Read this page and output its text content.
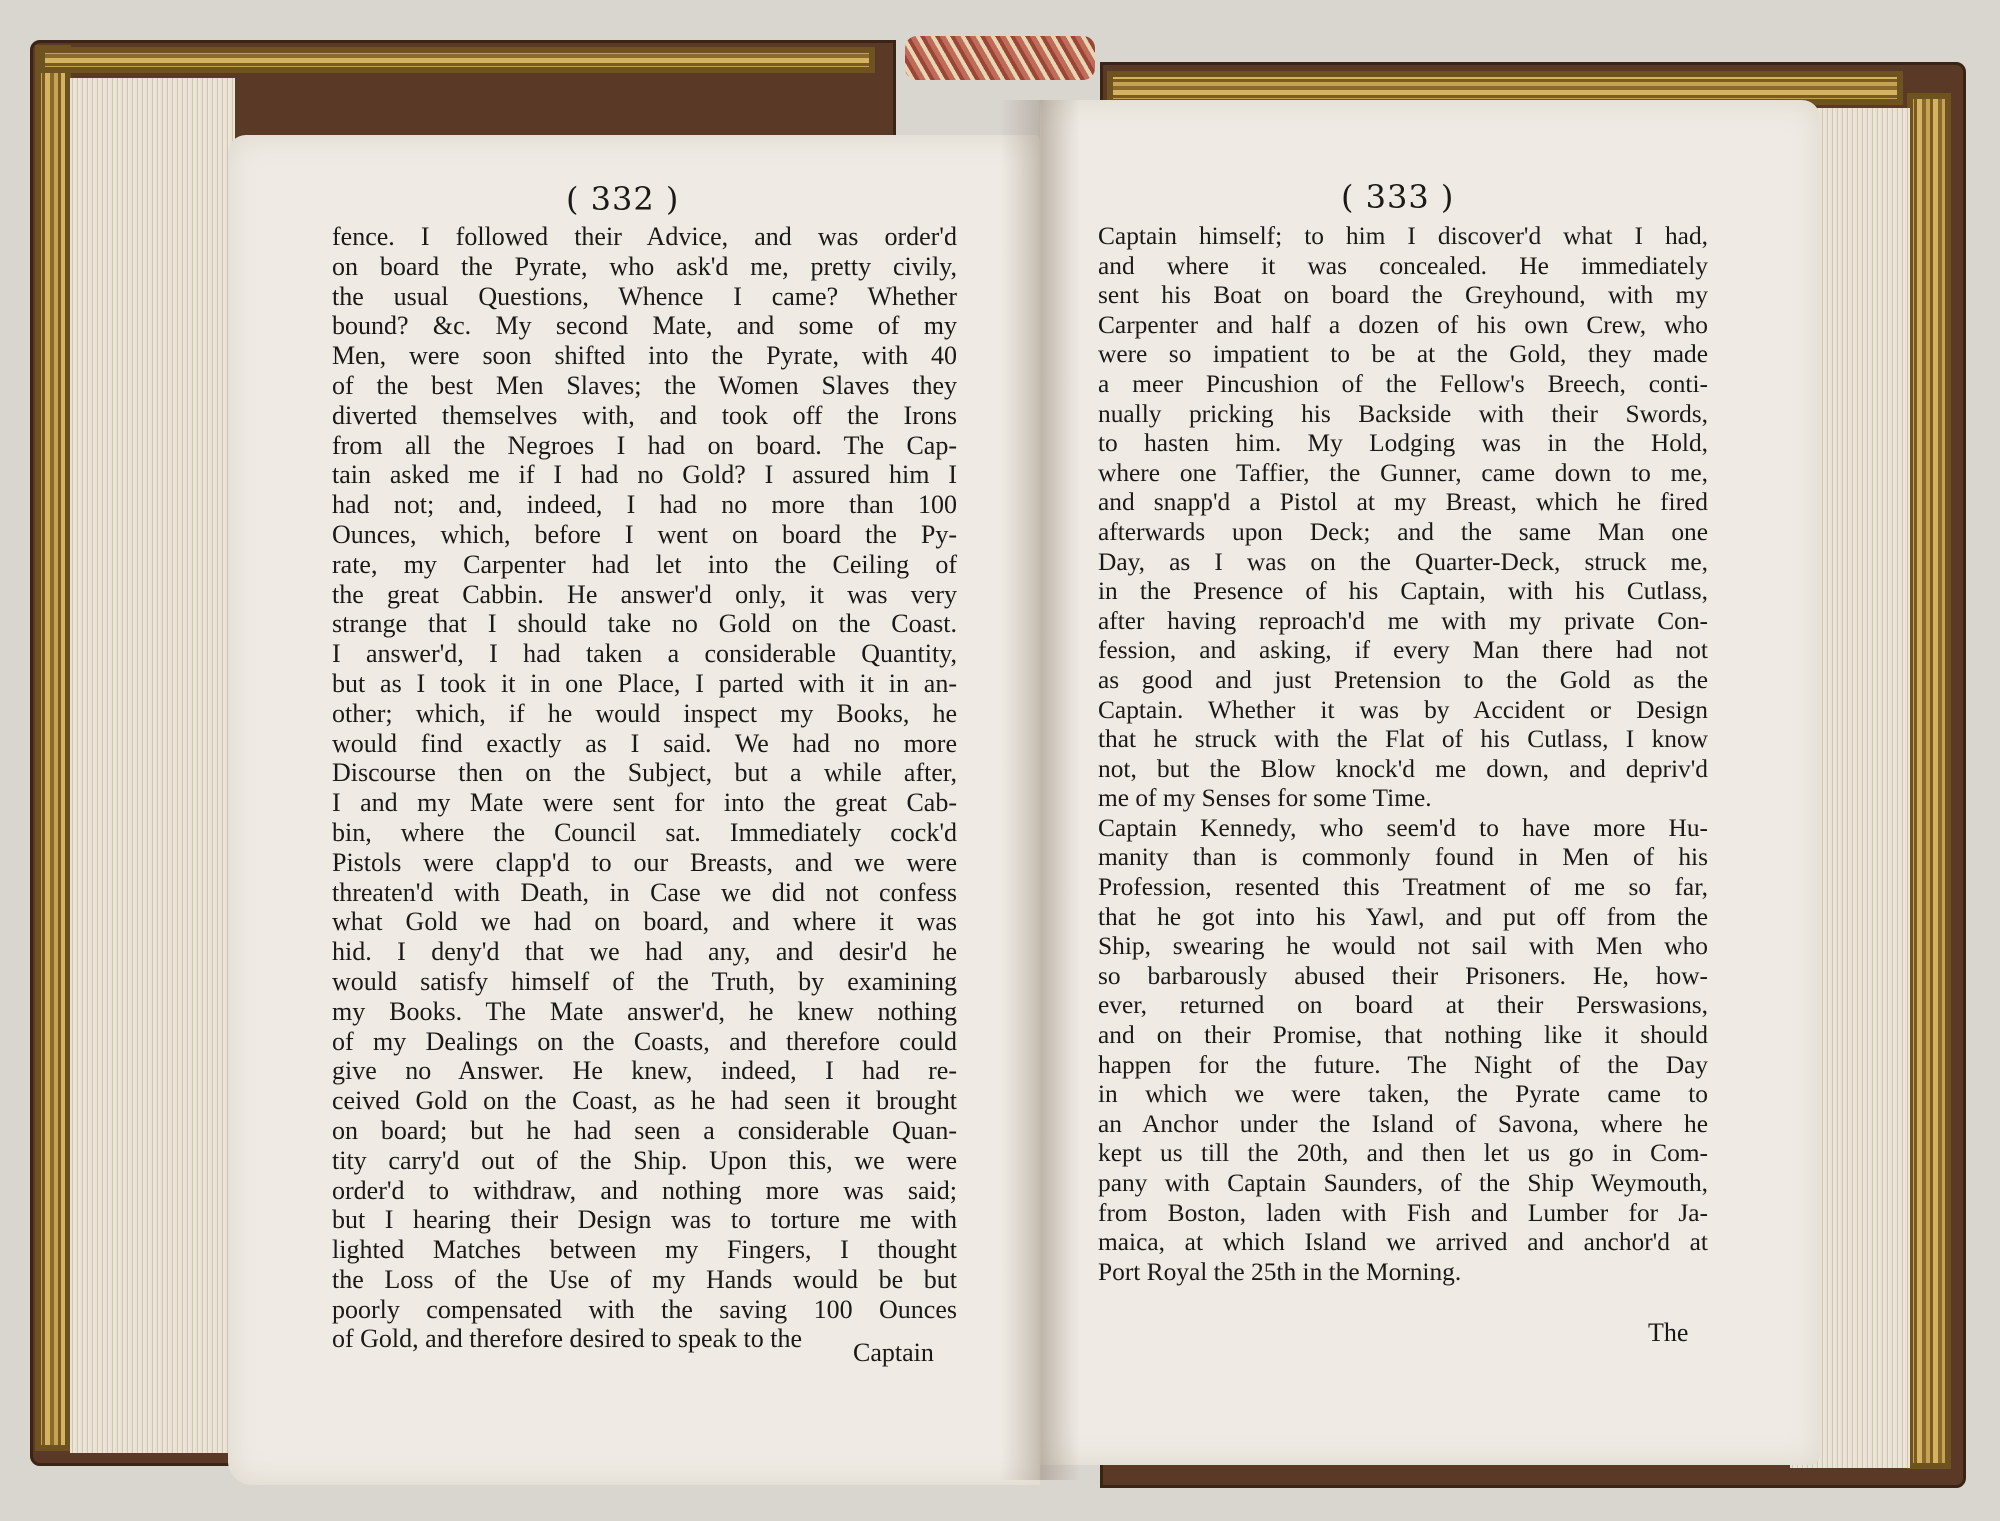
( 332 )	( 333 )
fence. I followed their Advice, and was order'd
on board the Pyrate, who ask'd me, pretty civily,
the usual Questions, Whence I came? Whether
bound? &c. My second Mate, and some of my
Men, were soon shifted into the Pyrate, with 40
of the best Men Slaves; the Women Slaves they
diverted themselves with, and took off the Irons
from all the Negroes I had on board. The Cap-
tain asked me if I had no Gold? I assured him I
had not; and, indeed, I had no more than 100
Ounces, which, before I went on board the Py-
rate, my Carpenter had let into the Ceiling of
the great Cabbin. He answer'd only, it was very
strange that I should take no Gold on the Coast.
I answer'd, I had taken a considerable Quantity,
but as I took it in one Place, I parted with it in an-
other; which, if he would inspect my Books, he
would find exactly as I said. We had no more
Discourse then on the Subject, but a while after,
I and my Mate were sent for into the great Cab-
bin, where the Council sat. Immediately cock'd
Pistols were clapp'd to our Breasts, and we were
threaten'd with Death, in Case we did not confess
what Gold we had on board, and where it was
hid. I deny'd that we had any, and desir'd he
would satisfy himself of the Truth, by examining
my Books. The Mate answer'd, he knew nothing
of my Dealings on the Coasts, and therefore could
give no Answer. He knew, indeed, I had re-
ceived Gold on the Coast, as he had seen it brought
on board; but he had seen a considerable Quan-
tity carry'd out of the Ship. Upon this, we were
order'd to withdraw, and nothing more was said;
but I hearing their Design was to torture me with
lighted Matches between my Fingers, I thought
the Loss of the Use of my Hands would be but
poorly compensated with the saving 100 Ounces
of Gold, and therefore desired to speak to the
Captain himself; to him I discover'd what I had,
and where it was concealed. He immediately
sent his Boat on board the Greyhound, with my
Carpenter and half a dozen of his own Crew, who
were so impatient to be at the Gold, they made
a meer Pincushion of the Fellow's Breech, conti-
nually pricking his Backside with their Swords,
to hasten him. My Lodging was in the Hold,
where one Taffier, the Gunner, came down to me,
and snapp'd a Pistol at my Breast, which he fired
afterwards upon Deck; and the same Man one
Day, as I was on the Quarter-Deck, struck me,
in the Presence of his Captain, with his Cutlass,
after having reproach'd me with my private Con-
fession, and asking, if every Man there had not
as good and just Pretension to the Gold as the
Captain. Whether it was by Accident or Design
that he struck with the Flat of his Cutlass, I know
not, but the Blow knock'd me down, and depriv'd
me of my Senses for some Time.
Captain Kennedy, who seem'd to have more Hu-
manity than is commonly found in Men of his
Profession, resented this Treatment of me so far,
that he got into his Yawl, and put off from the
Ship, swearing he would not sail with Men who
so barbarously abused their Prisoners. He, how-
ever, returned on board at their Perswasions,
and on their Promise, that nothing like it should
happen for the future. The Night of the Day
in which we were taken, the Pyrate came to
an Anchor under the Island of Savona, where he
kept us till the 20th, and then let us go in Com-
pany with Captain Saunders, of the Ship Weymouth,
from Boston, laden with Fish and Lumber for Ja-
maica, at which Island we arrived and anchor'd at
Port Royal the 25th in the Morning.
Captain
The
